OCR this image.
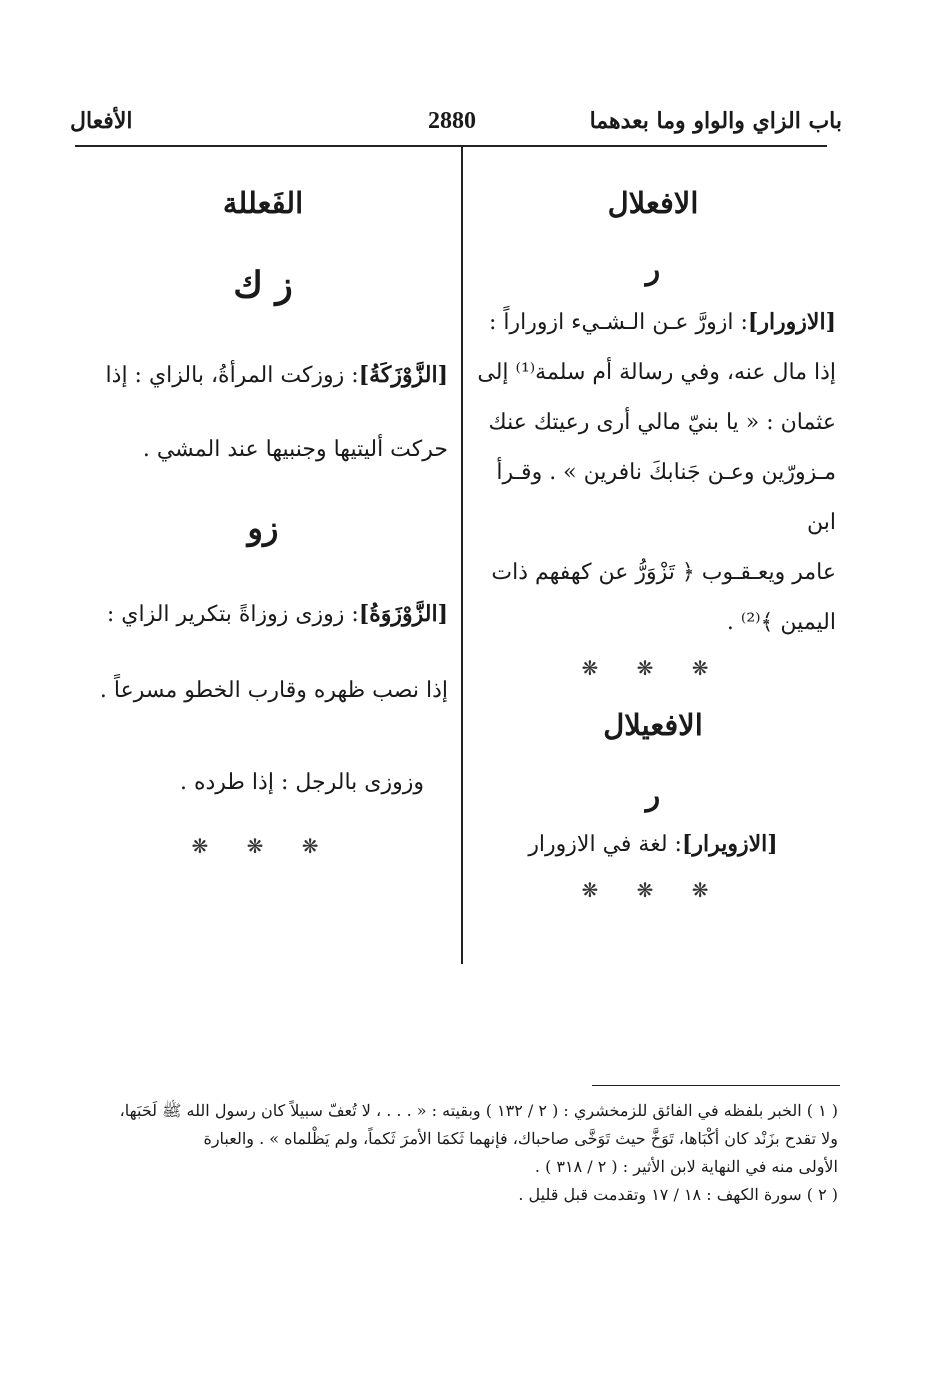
باب الزاي والواو وما بعدهما
2880
الأفعال

الافعلال

ر

[الازورار]: ازورَّ عـن الـشـيء ازوراراً :

إذا مال عنه، وفي رسالة أم سلمة⁽¹⁾ إلى

عثمان : « يا بنيّ مالي أرى رعيتك عنك

مـزورّين وعـن جَنابكَ نافرين » . وقـرأ ابن

عامر ويعـقـوب ﴿ تَزْوَرُّ عن كهفهم ذات

اليمين ﴾⁽²⁾ .

❋ ❋ ❋

الافعيلال

ر

[الازويرار]: لغة في الازورار

❋ ❋ ❋

الفَعللة

ز ك

[الزَّوْزَكَةُ]: زوزكت المرأةُ، بالزاي : إذا

حركت أليتيها وجنبيها عند المشي .

زو

[الزَّوْزَوَةُ]: زوزى زوزاةً بتكرير الزاي :

إذا نصب ظهره وقارب الخطو مسرعاً .

وزوزى بالرجل : إذا طرده .

❋ ❋ ❋

( ١ ) الخبر بلفظه في الفائق للزمخشري : ( ٢ / ١٣٢ ) وبقيته : « . . . ، لا تُعفّ سبيلاً كان رسول الله ﷺ لَحَبَها،

ولا تقدح بزَنْد كان أكْبَاها، تَوَخَّ حيث تَوَخَّى صاحباك، فإنهما ثَكمَا الأمرَ ثَكماً، ولم يَظْلماه » . والعبارة

الأولى منه في النهاية لابن الأثير : ( ٢ / ٣١٨ ) .

( ٢ ) سورة الكهف : ١٨ / ١٧ وتقدمت قبل قليل .
